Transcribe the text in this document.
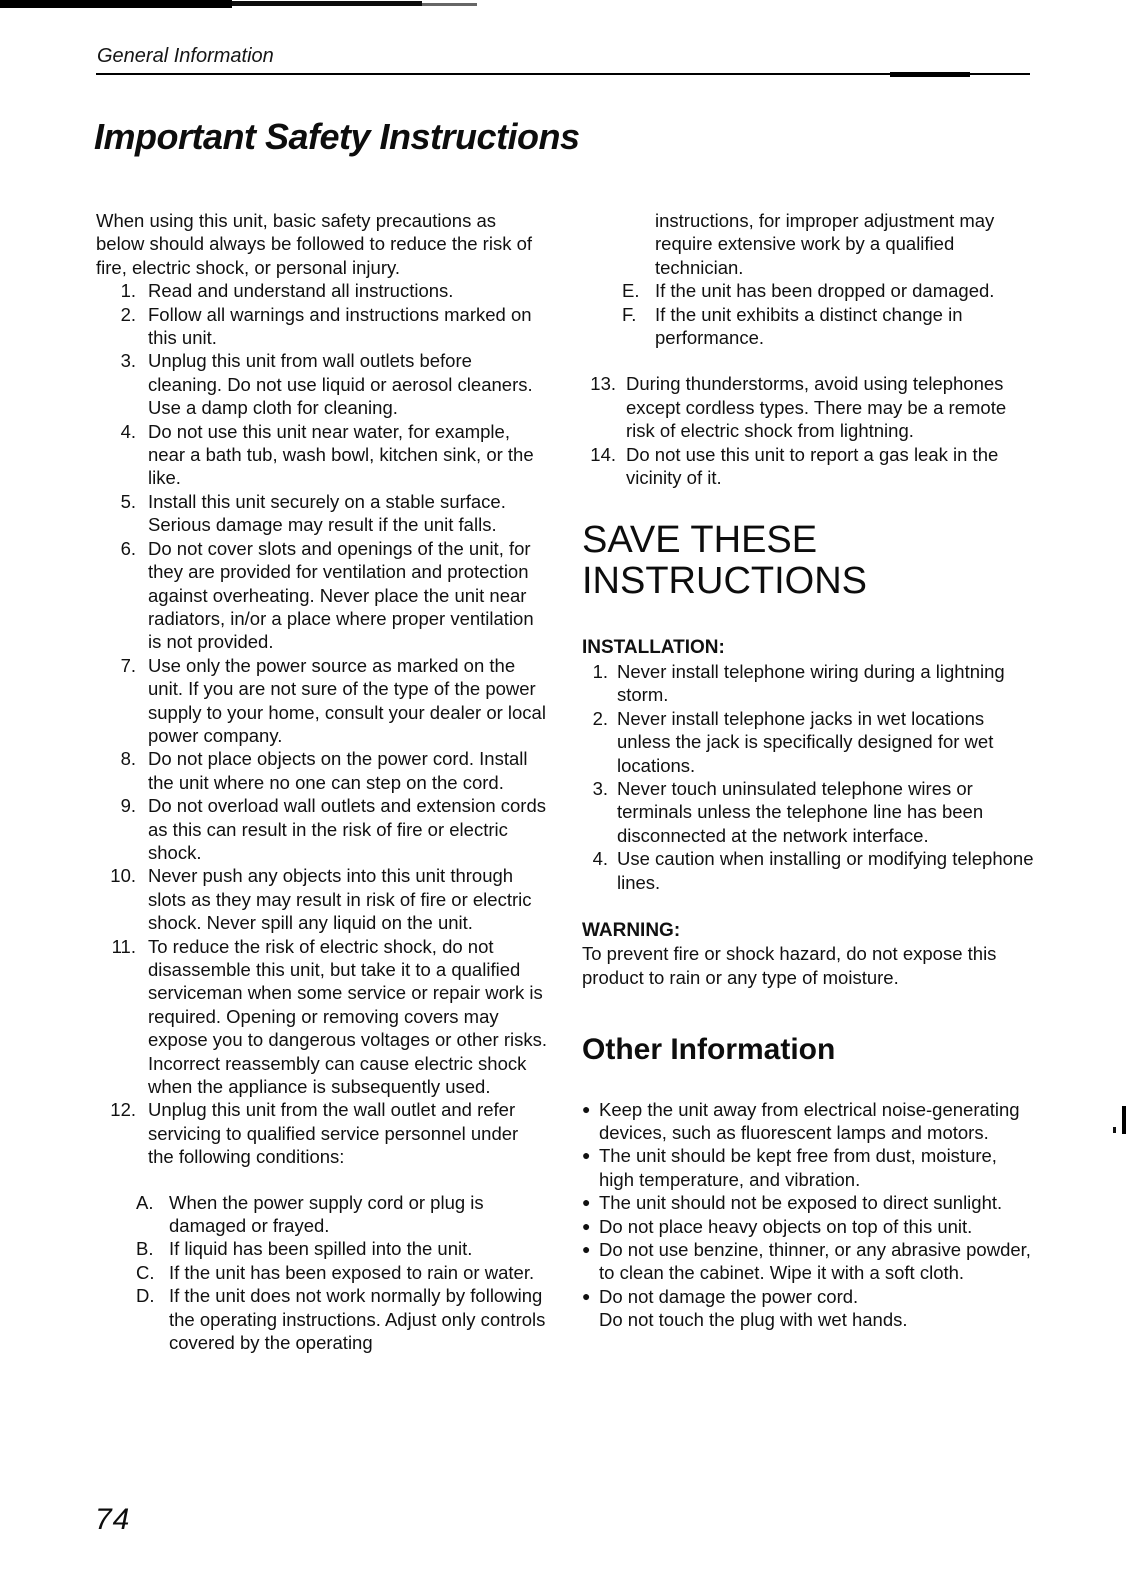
General Information
Important Safety Instructions

When using this unit, basic safety precautions as below should always be followed to reduce the risk of fire, electric shock, or personal injury.

1. Read and understand all instructions.
2. Follow all warnings and instructions marked on this unit.
3. Unplug this unit from wall outlets before cleaning. Do not use liquid or aerosol cleaners. Use a damp cloth for cleaning.
4. Do not use this unit near water, for example, near a bath tub, wash bowl, kitchen sink, or the like.
5. Install this unit securely on a stable surface. Serious damage may result if the unit falls.
6. Do not cover slots and openings of the unit, for they are provided for ventilation and protection against overheating. Never place the unit near radiators, in/or a place where proper ventilation is not provided.
7. Use only the power source as marked on the unit. If you are not sure of the type of the power supply to your home, consult your dealer or local power company.
8. Do not place objects on the power cord. Install the unit where no one can step on the cord.
9. Do not overload wall outlets and extension cords as this can result in the risk of fire or electric shock.
10. Never push any objects into this unit through slots as they may result in risk of fire or electric shock. Never spill any liquid on the unit.
11. To reduce the risk of electric shock, do not disassemble this unit, but take it to a qualified serviceman when some service or repair work is required. Opening or removing covers may expose you to dangerous voltages or other risks. Incorrect reassembly can cause electric shock when the appliance is subsequently used.
12. Unplug this unit from the wall outlet and refer servicing to qualified service personnel under the following conditions:
A. When the power supply cord or plug is damaged or frayed.
B. If liquid has been spilled into the unit.
C. If the unit has been exposed to rain or water.
D. If the unit does not work normally by following the operating instructions. Adjust only controls covered by the operating

instructions, for improper adjustment may require extensive work by a qualified technician.

E. If the unit has been dropped or damaged.
F.	If the unit exhibits a distinct change in performance.
13. During thunderstorms, avoid using telephones except cordless types. There may be a remote risk of electric shock from lightning.
14. Do not use this unit to report a gas leak in the vicinity of it.
SAVE THESE INSTRUCTIONS
INSTALLATION:
1. Never install telephone wiring during a lightning storm.
2. Never install telephone jacks in wet locations unless the jack is specifically designed for wet locations.
3. Never touch uninsulated telephone wires or terminals unless the telephone line has been disconnected at the network interface.
4. Use caution when installing or modifying telephone lines.
WARNING:

To prevent fire or shock hazard, do not expose this product to rain or any type of moisture.

Other Information
● Keep the unit away from electrical noise-generating devices, such as fluorescent lamps and motors.
● The unit should be kept free from dust, moisture, high temperature, and vibration.
● The unit should not be exposed to direct sunlight.
● Do not place heavy objects on top of this unit.
● Do not use benzine, thinner, or any abrasive powder, to clean the cabinet. Wipe it with a soft cloth.
● Do not damage the power cord.
Do not touch the plug with wet hands.
74
